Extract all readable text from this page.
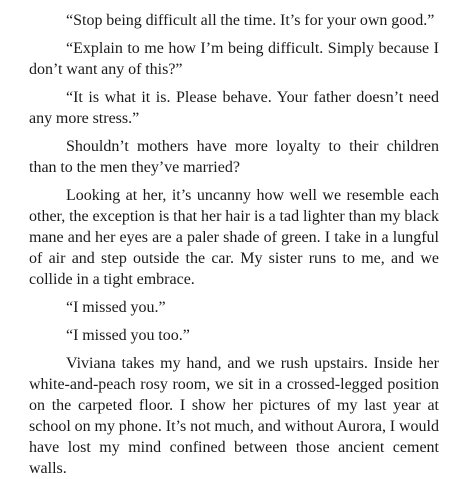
“Stop being difficult all the time. It’s for your own good.”

“Explain to me how I’m being difficult. Simply because I don’t want any of this?”

“It is what it is. Please behave. Your father doesn’t need any more stress.”

Shouldn’t mothers have more loyalty to their children than to the men they’ve married?

Looking at her, it’s uncanny how well we resemble each other, the exception is that her hair is a tad lighter than my black mane and her eyes are a paler shade of green. I take in a lungful of air and step outside the car. My sister runs to me, and we collide in a tight embrace.

“I missed you.”

“I missed you too.”

Viviana takes my hand, and we rush upstairs. Inside her white-and-peach rosy room, we sit in a crossed-legged position on the carpeted floor. I show her pictures of my last year at school on my phone. It’s not much, and without Aurora, I would have lost my mind confined between those ancient cement walls.
